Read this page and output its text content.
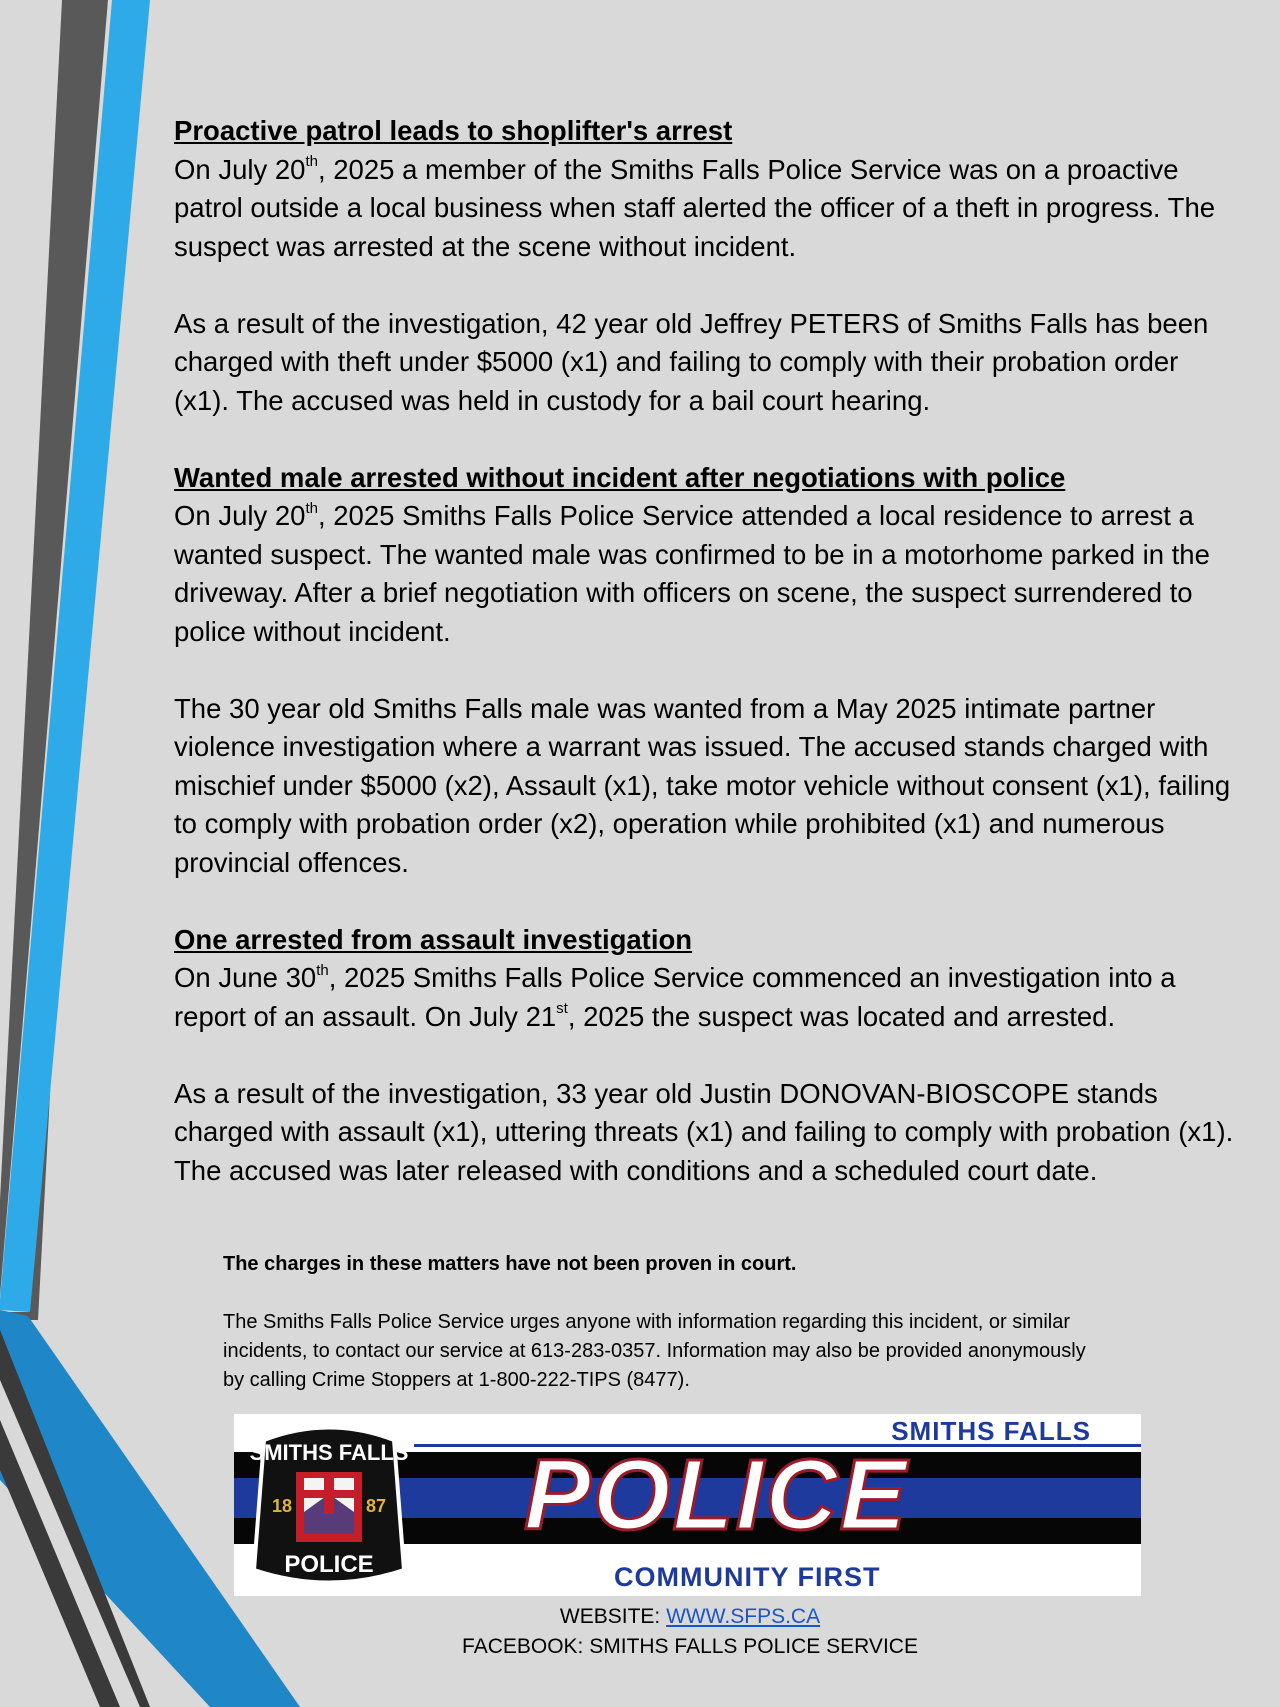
Proactive patrol leads to shoplifter's arrest

On July 20th, 2025 a member of the Smiths Falls Police Service was on a proactive patrol outside a local business when staff alerted the officer of a theft in progress. The suspect was arrested at the scene without incident.

As a result of the investigation, 42 year old Jeffrey PETERS of Smiths Falls has been charged with theft under $5000 (x1) and failing to comply with their probation order (x1). The accused was held in custody for a bail court hearing.

Wanted male arrested without incident after negotiations with police

On July 20th, 2025 Smiths Falls Police Service attended a local residence to arrest a wanted suspect. The wanted male was confirmed to be in a motorhome parked in the driveway. After a brief negotiation with officers on scene, the suspect surrendered to police without incident.

The 30 year old Smiths Falls male was wanted from a May 2025 intimate partner violence investigation where a warrant was issued. The accused stands charged with mischief under $5000 (x2), Assault (x1), take motor vehicle without consent (x1), failing to comply with probation order (x2), operation while prohibited (x1) and numerous provincial offences.

One arrested from assault investigation

On June 30th, 2025 Smiths Falls Police Service commenced an investigation into a report of an assault. On July 21st, 2025 the suspect was located and arrested.

As a result of the investigation, 33 year old Justin DONOVAN-BIOSCOPE stands charged with assault (x1), uttering threats (x1) and failing to comply with probation (x1). The accused was later released with conditions and a scheduled court date.

The charges in these matters have not been proven in court.

The Smiths Falls Police Service urges anyone with information regarding this incident, or similar incidents, to contact our service at 613-283-0357. Information may also be provided anonymously by calling Crime Stoppers at 1-800-222-TIPS (8477).

SMITHS FALLS
POLICE
COMMUNITY FIRST
SMITHS FALLS
18	87
POLICE
WEBSITE: WWW.SFPS.CA
FACEBOOK: SMITHS FALLS POLICE SERVICE
